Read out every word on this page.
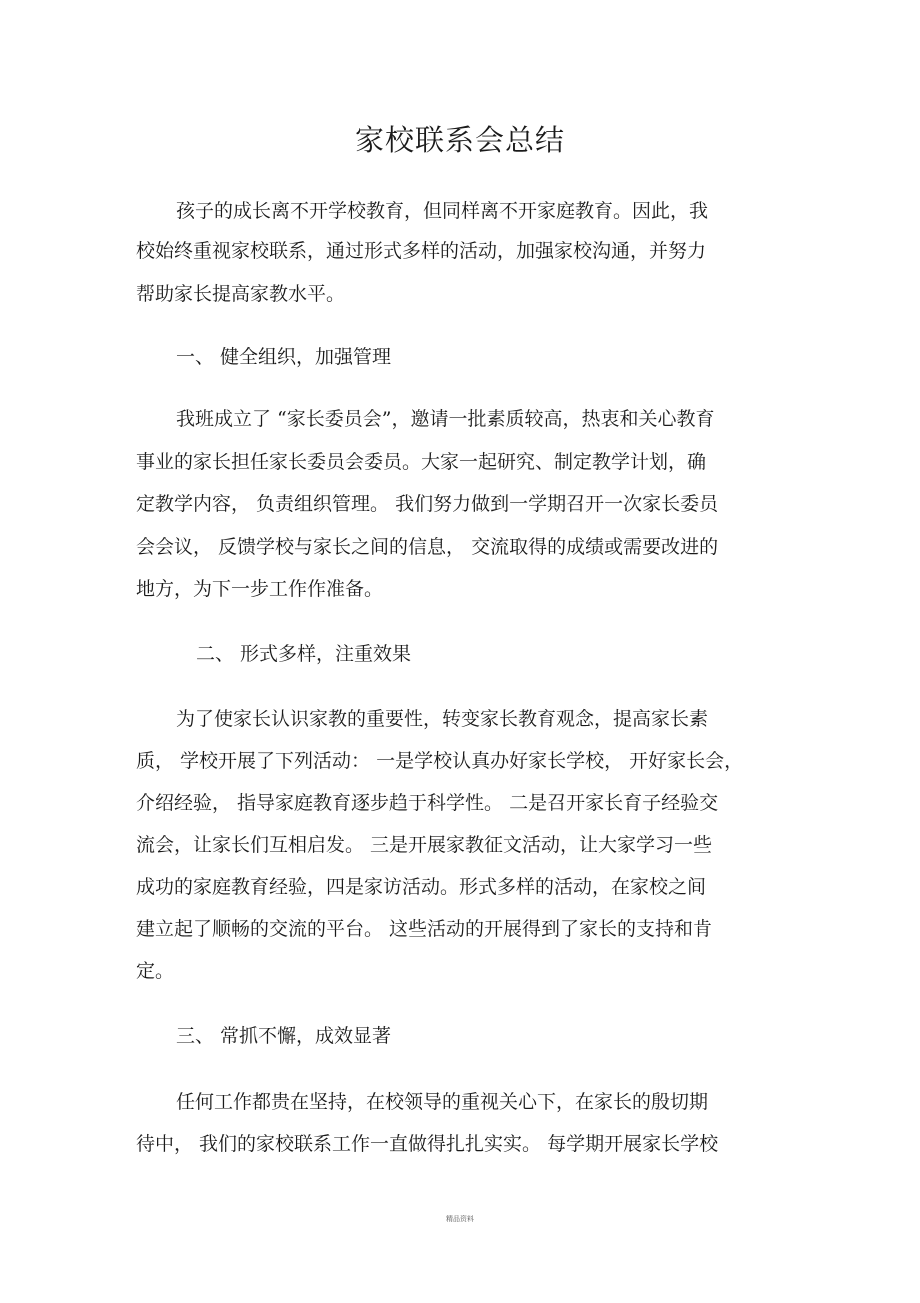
家校联系会总结

孩子的成长离不开学校教育，但同样离不开家庭教育。因此，我

校始终重视家校联系，通过形式多样的活动，加强家校沟通，并努力

帮助家长提高家教水平。

一、 健全组织，加强管理

我班成立了 “家长委员会”，邀请一批素质较高，热衷和关心教育

事业的家长担任家长委员会委员。大家一起研究、制定教学计划，确

定教学内容， 负责组织管理。 我们努力做到一学期召开一次家长委员

会会议， 反馈学校与家长之间的信息， 交流取得的成绩或需要改进的

地方，为下一步工作作准备。

二、 形式多样，注重效果

为了使家长认识家教的重要性，转变家长教育观念，提高家长素

质， 学校开展了下列活动： 一是学校认真办好家长学校， 开好家长会，

介绍经验， 指导家庭教育逐步趋于科学性。 二是召开家长育子经验交

流会，让家长们互相启发。 三是开展家教征文活动，让大家学习一些

成功的家庭教育经验，四是家访活动。形式多样的活动，在家校之间

建立起了顺畅的交流的平台。 这些活动的开展得到了家长的支持和肯

定。

三、 常抓不懈，成效显著

任何工作都贵在坚持，在校领导的重视关心下，在家长的殷切期

待中， 我们的家校联系工作一直做得扎扎实实。 每学期开展家长学校

精品资料
